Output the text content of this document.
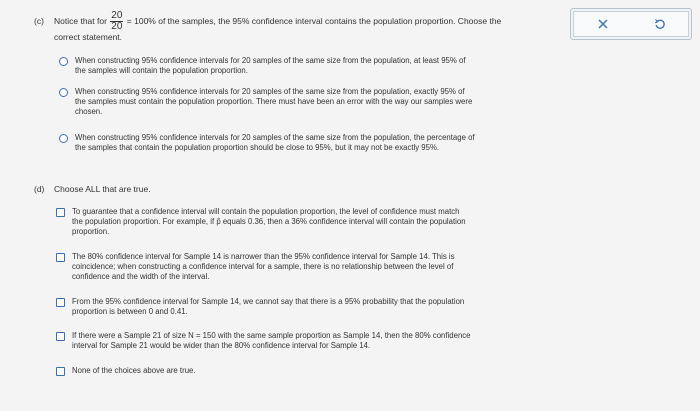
(c) Notice that for $\frac{20}{20} = 100\%$ of the samples, the 95% confidence interval contains the population proportion. Choose the
correct statement.
When constructing 95% confidence intervals for 20 samples of the same size from the population, at least 95% of
the samples will contain the population proportion.
When constructing 95% confidence intervals for 20 samples of the same size from the population, exactly 95% of
the samples must contain the population proportion. There must have been an error with the way our samples were
chosen.
When constructing 95% confidence intervals for 20 samples of the same size from the population, the percentage of
the samples that contain the population proportion should be close to 95%, but it may not be exactly 95%.
(d) Choose ALL that are true.
To guarantee that a confidence interval will contain the population proportion, the level of confidence must match
the population proportion. For example, if p̂ equals 0.36, then a 36% confidence interval will contain the population
proportion.
The 80% confidence interval for Sample 14 is narrower than the 95% confidence interval for Sample 14. This is
coincidence; when constructing a confidence interval for a sample, there is no relationship between the level of
confidence and the width of the interval.
From the 95% confidence interval for Sample 14, we cannot say that there is a 95% probability that the population
proportion is between 0 and 0.41.
If there were a Sample 21 of size N = 150 with the same sample proportion as Sample 14, then the 80% confidence
interval for Sample 21 would be wider than the 80% confidence interval for Sample 14.
None of the choices above are true.
